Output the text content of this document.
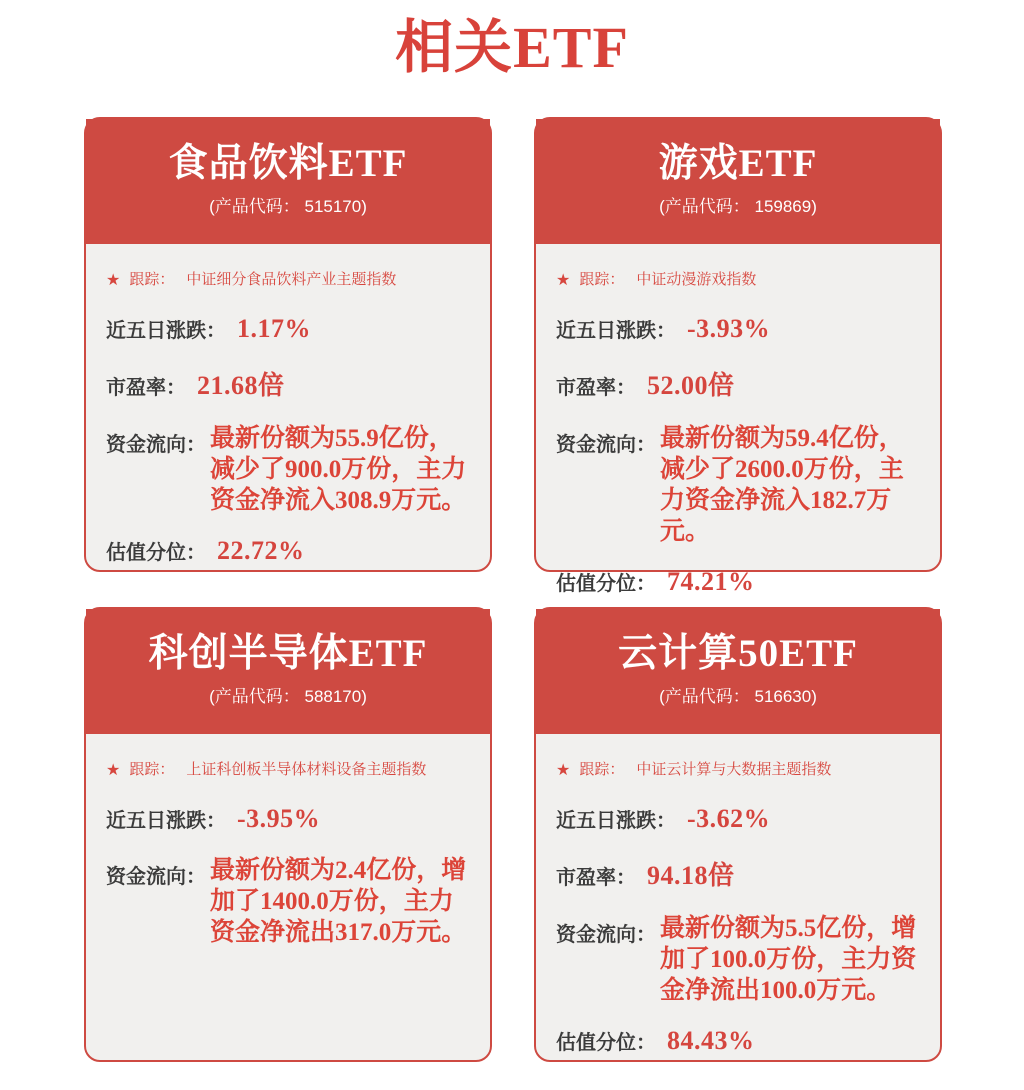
相关ETF
食品饮料ETF
(产品代码： 515170)
★ 跟踪： 中证细分食品饮料产业主题指数
近五日涨跌： 1.17%
市盈率： 21.68倍
资金流向： 最新份额为55.9亿份，减少了900.0万份，主力资金净流入308.9万元。
估值分位： 22.72%
游戏ETF
(产品代码： 159869)
★ 跟踪： 中证动漫游戏指数
近五日涨跌： -3.93%
市盈率： 52.00倍
资金流向： 最新份额为59.4亿份，减少了2600.0万份，主力资金净流入182.7万元。
估值分位： 74.21%
科创半导体ETF
(产品代码： 588170)
★ 跟踪： 上证科创板半导体材料设备主题指数
近五日涨跌： -3.95%
资金流向： 最新份额为2.4亿份，增加了1400.0万份，主力资金净流出317.0万元。
云计算50ETF
(产品代码： 516630)
★ 跟踪： 中证云计算与大数据主题指数
近五日涨跌： -3.62%
市盈率： 94.18倍
资金流向： 最新份额为5.5亿份，增加了100.0万份，主力资金净流出100.0万元。
估值分位： 84.43%
